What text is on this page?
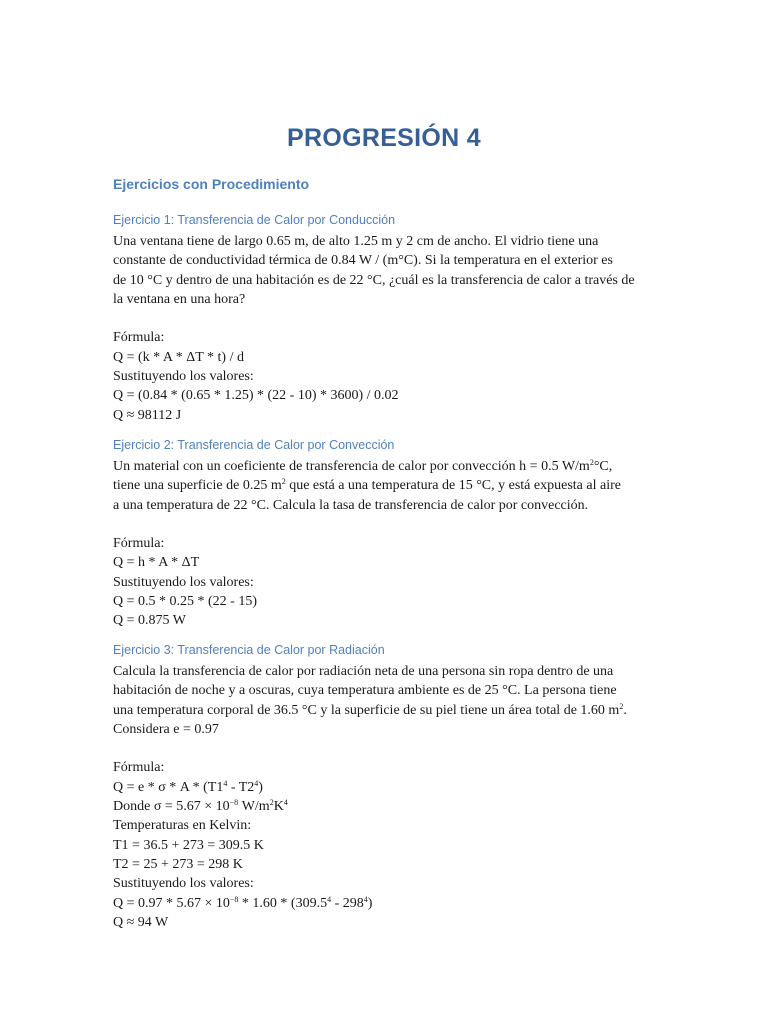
PROGRESIÓN 4
Ejercicios con Procedimiento
Ejercicio 1: Transferencia de Calor por Conducción
Una ventana tiene de largo 0.65 m, de alto 1.25 m y 2 cm de ancho. El vidrio tiene una
constante de conductividad térmica de 0.84 W / (m°C). Si la temperatura en el exterior es
de 10 °C y dentro de una habitación es de 22 °C, ¿cuál es la transferencia de calor a través de
la ventana en una hora?
Fórmula:
Q = (k * A * ΔT * t) / d
Sustituyendo los valores:
Q = (0.84 * (0.65 * 1.25) * (22 - 10) * 3600) / 0.02
Q ≈ 98112 J
Ejercicio 2: Transferencia de Calor por Convección
Un material con un coeficiente de transferencia de calor por convección h = 0.5 $W/m^2^\circ C$,
tiene una superficie de 0.25 $m^2$ que está a una temperatura de 15 °C, y está expuesta al aire
a una temperatura de 22 °C. Calcula la tasa de transferencia de calor por convección.
Fórmula:
Q = h * A * ΔT
Sustituyendo los valores:
Q = 0.5 * 0.25 * (22 - 15)
Q = 0.875 W
Ejercicio 3: Transferencia de Calor por Radiación
Calcula la transferencia de calor por radiación neta de una persona sin ropa dentro de una
habitación de noche y a oscuras, cuya temperatura ambiente es de 25 °C. La persona tiene
una temperatura corporal de 36.5 °C y la superficie de su piel tiene un área total de 1.60 $m^2$.
Considera e = 0.97
Fórmula:
$Q = e * \sigma * A * (T1^4 - T2^4)$
Donde $\sigma = 5.67 \times 10^{-8}$ $W/m^2K^4$
Temperaturas en Kelvin:
T1 = 36.5 + 273 = 309.5 K
T2 = 25 + 273 = 298 K
Sustituyendo los valores:
$Q = 0.97 * 5.67 \times 10^{-8} * 1.60 * (309.5^4 - 298^4)$
Q ≈ 94 W
